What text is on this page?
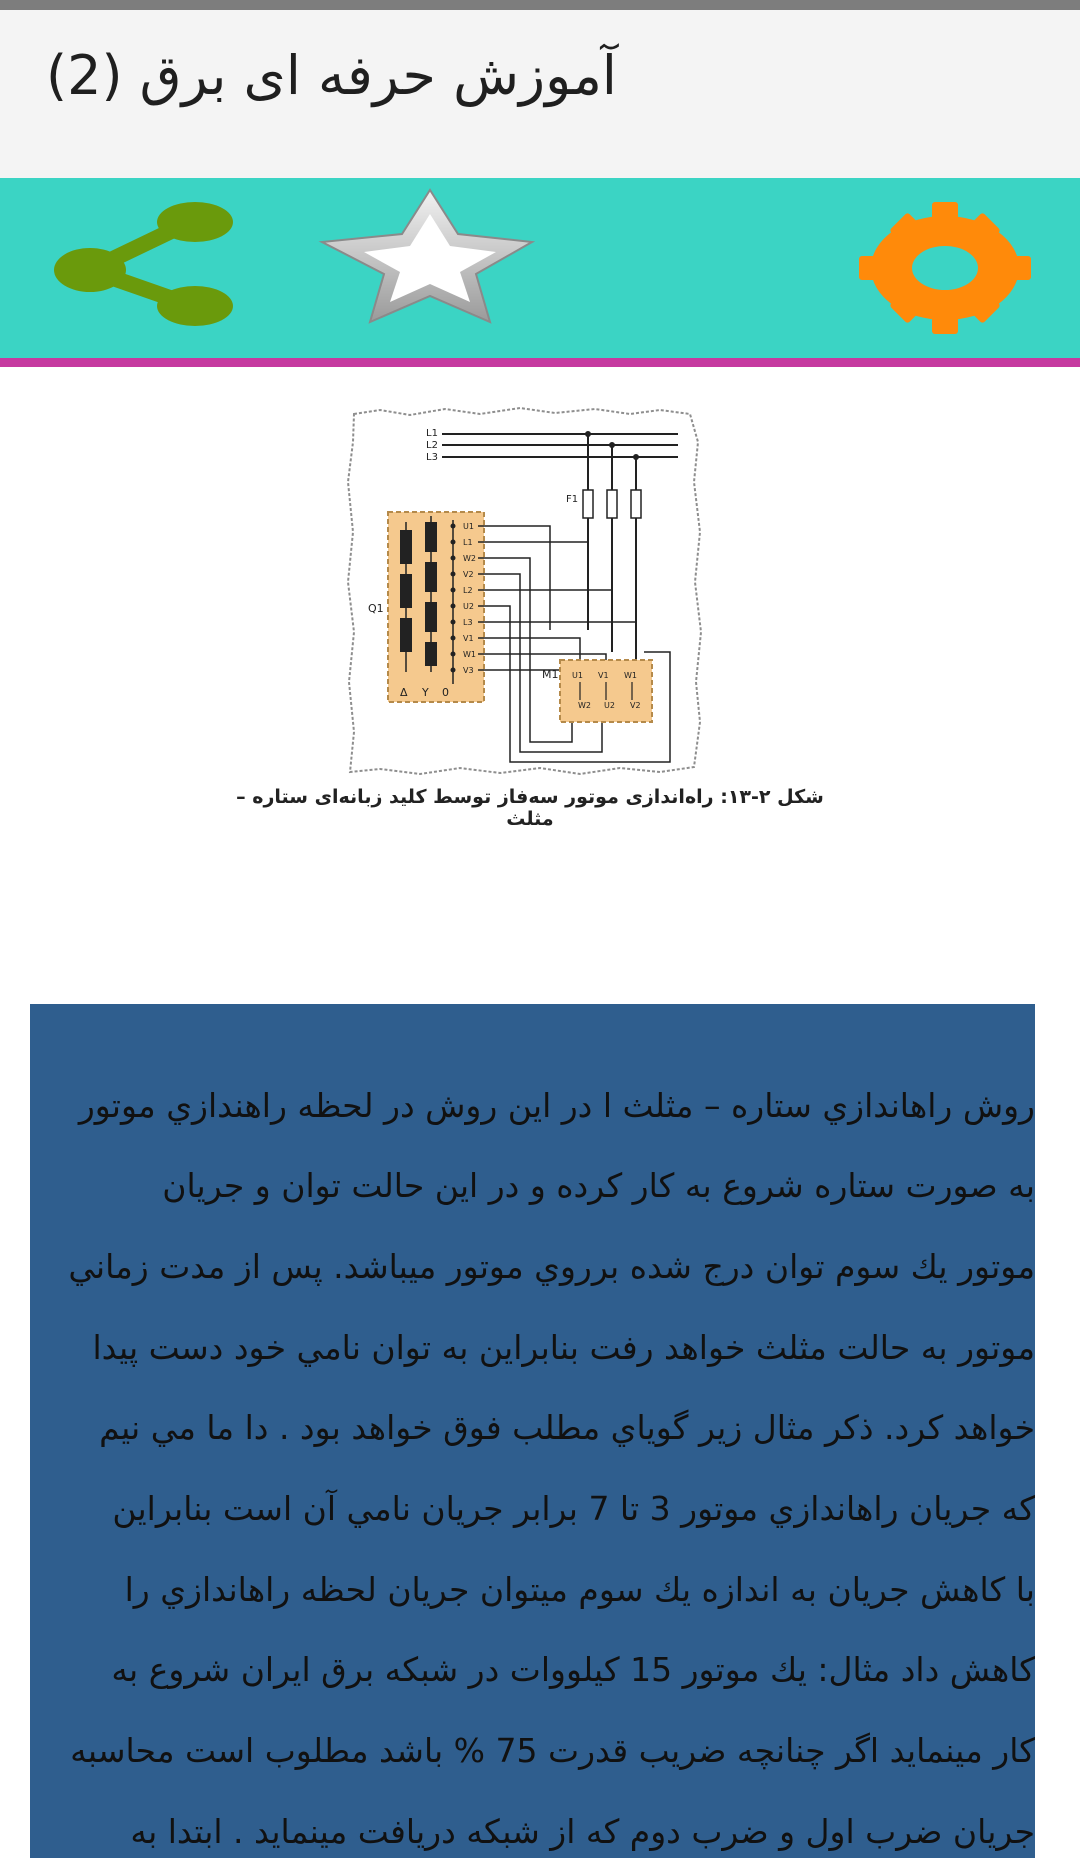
آموزش حرفه ای برق (2)
L1
L2
L3
F1
Q1
Δ Y 0
U1
L1
W2
V2
L2
U2
L3
V1
W1
V3	M1 U1 V1 W1
W2 U2 V2
شكل ٢-١٣: راه‌اندازی موتور سه‌فاز توسط كليد زبانه‌ای ستاره – مثلث
روش راهاندازي ستاره – مثلث ا در اين روش در لحظه راهندازي موتور
به صورت ستاره شروع به كار كرده و در اين حالت توان و جريان
موتور يك سوم توان درج شده برروي موتور ميباشد. پس از مدت زماني
موتور به حالت مثلث خواهد رفت بنابراين به توان نامي خود دست پيدا
خواهد كرد. ذكر مثال زير گوياي مطلب فوق خواهد بود . دا ما مي نيم
كه جريان راهاندازي موتور 3 تا 7 برابر جريان نامي آن است بنابراين
با كاهش جريان به اندازه يك سوم ميتوان جريان لحظه راهاندازي را
كاهش داد مثال: يك موتور 15 كيلووات در شبكه برق ايران شروع به
كار مينمايد اگر چنانچه ضريب قدرت 75 % باشد مطلوب است محاسبه
جريان ضرب اول و ضرب دوم كه از شبكه دريافت مينمايد . ابتدا به
